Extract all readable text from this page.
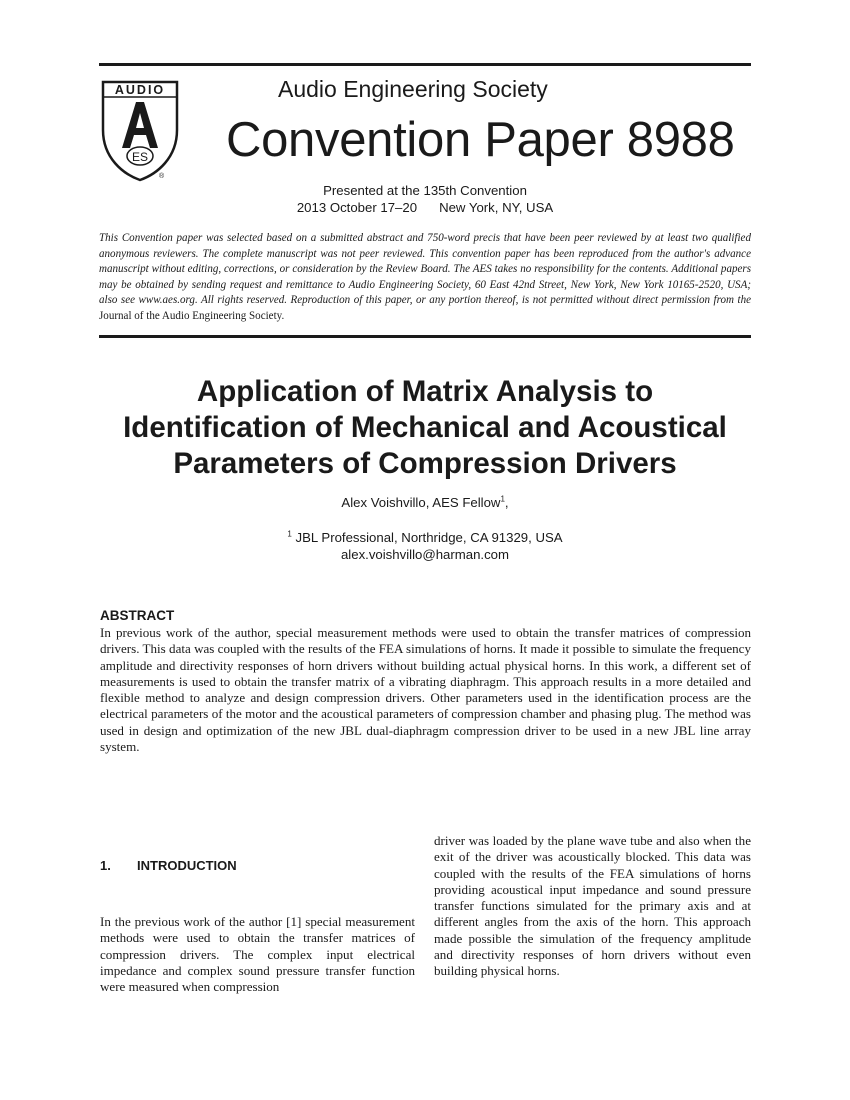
AUDIO
ES
®
Audio Engineering Society
Convention Paper 8988
Presented at the 135th Convention
2013 October 17–20 New York, NY, USA
This Convention paper was selected based on a submitted abstract and 750-word precis that have been peer reviewed by at least two qualified anonymous reviewers. The complete manuscript was not peer reviewed. This convention paper has been reproduced from the author's advance manuscript without editing, corrections, or consideration by the Review Board. The AES takes no responsibility for the contents. Additional papers may be obtained by sending request and remittance to Audio Engineering Society, 60 East 42nd Street, New York, New York 10165-2520, USA; also see www.aes.org. All rights reserved. Reproduction of this paper, or any portion thereof, is not permitted without direct permission from the Journal of the Audio Engineering Society.
Application of Matrix Analysis to
Identification of Mechanical and Acoustical
Parameters of Compression Drivers
Alex Voishvillo, AES Fellow$^1$,
$^1$ JBL Professional, Northridge, CA 91329, USA
alex.voishvillo@harman.com
ABSTRACT
In previous work of the author, special measurement methods were used to obtain the transfer matrices of compression drivers. This data was coupled with the results of the FEA simulations of horns. It made it possible to simulate the frequency amplitude and directivity responses of horn drivers without building actual physical horns. In this work, a different set of measurements is used to obtain the transfer matrix of a vibrating diaphragm. This approach results in a more detailed and flexible method to analyze and design compression drivers. Other parameters used in the identification process are the electrical parameters of the motor and the acoustical parameters of compression chamber and phasing plug. The method was used in design and optimization of the new JBL dual-diaphragm compression driver to be used in a new JBL line array system.
1. INTRODUCTION
In the previous work of the author [1] special measurement methods were used to obtain the transfer matrices of compression drivers. The complex input electrical impedance and complex sound pressure transfer function were measured when compression
driver was loaded by the plane wave tube and also when the exit of the driver was acoustically blocked. This data was coupled with the results of the FEA simulations of horns providing acoustical input impedance and sound pressure transfer functions simulated for the primary axis and at different angles from the axis of the horn. This approach made possible the simulation of the frequency amplitude and directivity responses of horn drivers without even building physical horns.
